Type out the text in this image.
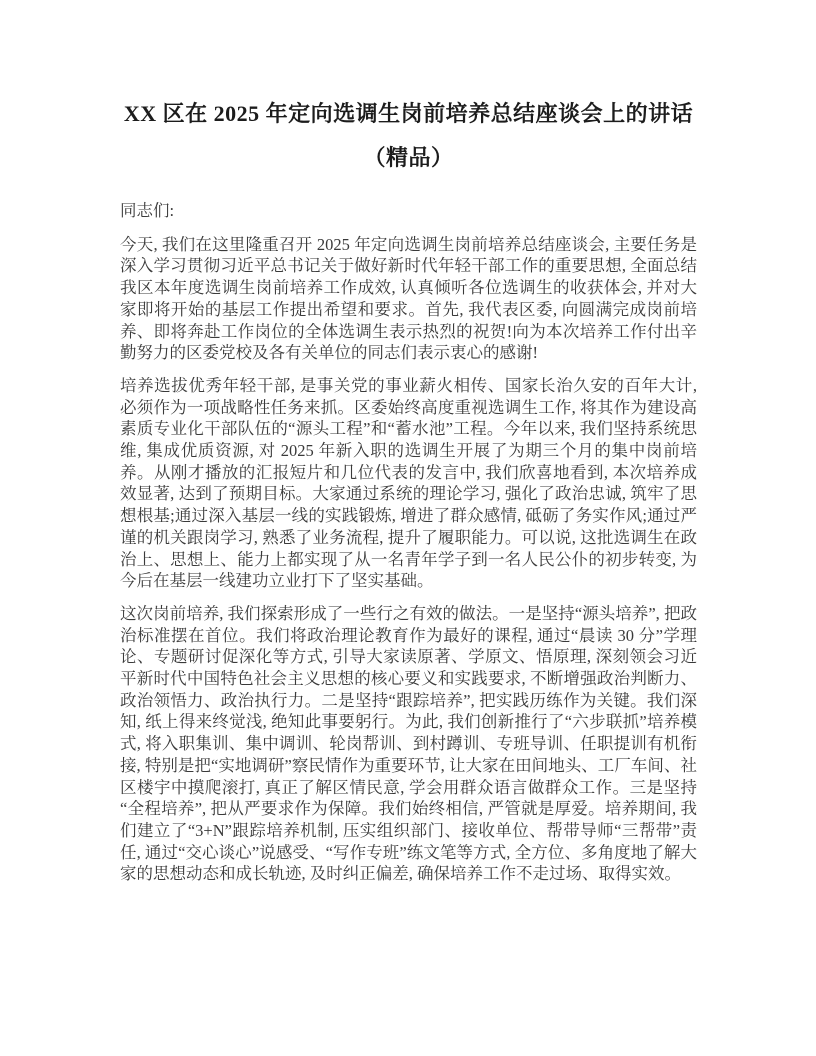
XX 区在 2025 年定向选调生岗前培养总结座谈会上的讲话（精品）

同志们:

今天, 我们在这里隆重召开 2025 年定向选调生岗前培养总结座谈会, 主要任务是深入学习贯彻习近平总书记关于做好新时代年轻干部工作的重要思想, 全面总结我区本年度选调生岗前培养工作成效, 认真倾听各位选调生的收获体会, 并对大家即将开始的基层工作提出希望和要求。首先, 我代表区委, 向圆满完成岗前培养、即将奔赴工作岗位的全体选调生表示热烈的祝贺!向为本次培养工作付出辛勤努力的区委党校及各有关单位的同志们表示衷心的感谢!

培养选拔优秀年轻干部, 是事关党的事业薪火相传、国家长治久安的百年大计, 必须作为一项战略性任务来抓。区委始终高度重视选调生工作, 将其作为建设高素质专业化干部队伍的“源头工程”和“蓄水池”工程。今年以来, 我们坚持系统思维, 集成优质资源, 对 2025 年新入职的选调生开展了为期三个月的集中岗前培养。从刚才播放的汇报短片和几位代表的发言中, 我们欣喜地看到, 本次培养成效显著, 达到了预期目标。大家通过系统的理论学习, 强化了政治忠诚, 筑牢了思想根基;通过深入基层一线的实践锻炼, 增进了群众感情, 砥砺了务实作风;通过严谨的机关跟岗学习, 熟悉了业务流程, 提升了履职能力。可以说, 这批选调生在政治上、思想上、能力上都实现了从一名青年学子到一名人民公仆的初步转变, 为今后在基层一线建功立业打下了坚实基础。

这次岗前培养, 我们探索形成了一些行之有效的做法。一是坚持“源头培养”, 把政治标准摆在首位。我们将政治理论教育作为最好的课程, 通过“晨读 30 分”学理论、专题研讨促深化等方式, 引导大家读原著、学原文、悟原理, 深刻领会习近平新时代中国特色社会主义思想的核心要义和实践要求, 不断增强政治判断力、政治领悟力、政治执行力。二是坚持“跟踪培养”, 把实践历练作为关键。我们深知, 纸上得来终觉浅, 绝知此事要躬行。为此, 我们创新推行了“六步联抓”培养模式, 将入职集训、集中调训、轮岗帮训、到村蹲训、专班导训、任职提训有机衔接, 特别是把“实地调研”察民情作为重要环节, 让大家在田间地头、工厂车间、社区楼宇中摸爬滚打, 真正了解区情民意, 学会用群众语言做群众工作。三是坚持“全程培养”, 把从严要求作为保障。我们始终相信, 严管就是厚爱。培养期间, 我们建立了“3+N”跟踪培养机制, 压实组织部门、接收单位、帮带导师“三帮带”责任, 通过“交心谈心”说感受、“写作专班”练文笔等方式, 全方位、多角度地了解大家的思想动态和成长轨迹, 及时纠正偏差, 确保培养工作不走过场、取得实效。
